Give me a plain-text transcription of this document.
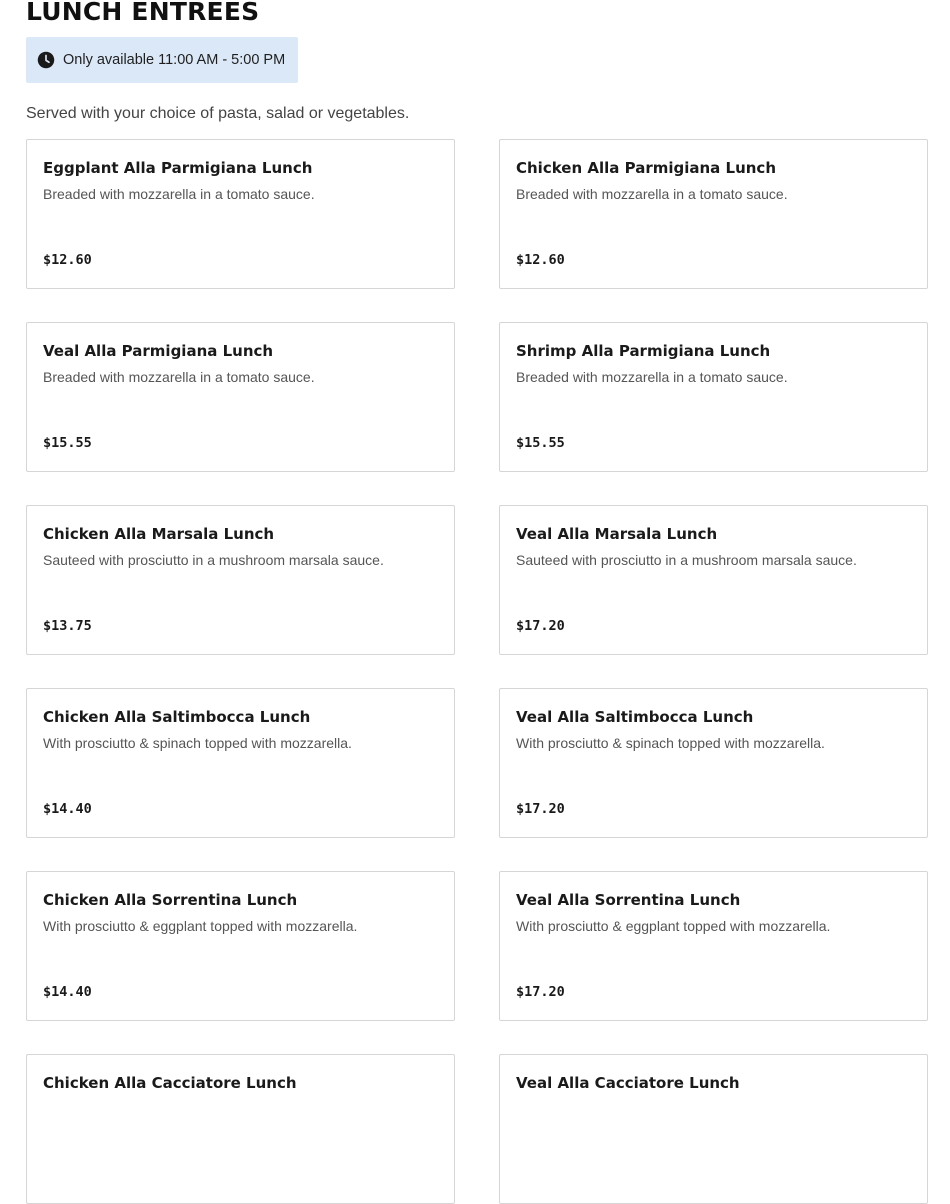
LUNCH ENTREES
Only available 11:00 AM - 5:00 PM

Served with your choice of pasta, salad or vegetables.

Eggplant Alla Parmigiana Lunch
Breaded with mozzarella in a tomato sauce.
$12.60
Chicken Alla Parmigiana Lunch
Breaded with mozzarella in a tomato sauce.
$12.60
Veal Alla Parmigiana Lunch
Breaded with mozzarella in a tomato sauce.
$15.55
Shrimp Alla Parmigiana Lunch
Breaded with mozzarella in a tomato sauce.
$15.55
Chicken Alla Marsala Lunch
Sauteed with prosciutto in a mushroom marsala sauce.
$13.75
Veal Alla Marsala Lunch
Sauteed with prosciutto in a mushroom marsala sauce.
$17.20
Chicken Alla Saltimbocca Lunch
With prosciutto & spinach topped with mozzarella.
$14.40
Veal Alla Saltimbocca Lunch
With prosciutto & spinach topped with mozzarella.
$17.20
Chicken Alla Sorrentina Lunch
With prosciutto & eggplant topped with mozzarella.
$14.40
Veal Alla Sorrentina Lunch
With prosciutto & eggplant topped with mozzarella.
$17.20
Chicken Alla Cacciatore Lunch	Veal Alla Cacciatore Lunch
